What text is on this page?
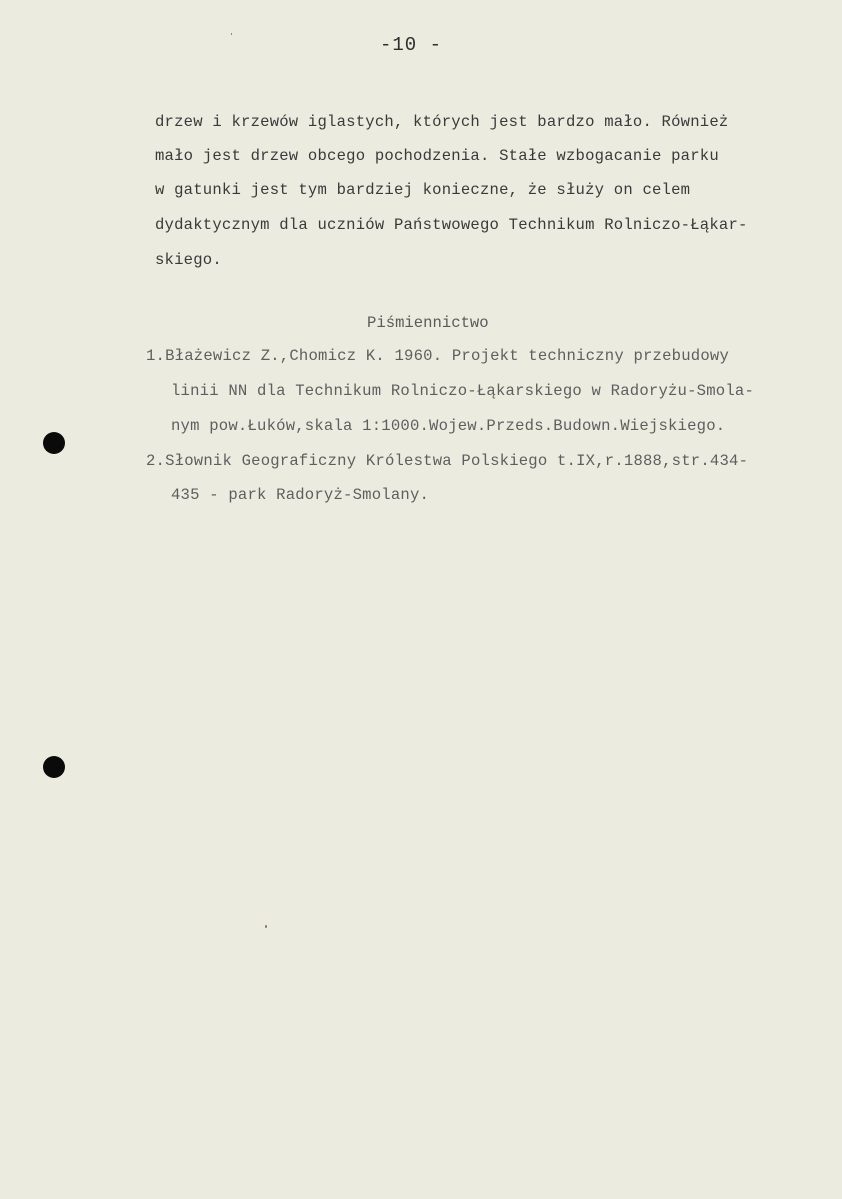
-10 -
drzew i krzewów iglastych, których jest bardzo mało. Również
mało jest drzew obcego pochodzenia. Stałe wzbogacanie parku
w gatunki jest tym bardziej konieczne, że służy on celem
dydaktycznym dla uczniów Państwowego Technikum Rolniczo-Łąkar-
skiego.
Piśmiennictwo
1.Błażewicz Z.,Chomicz K. 1960. Projekt techniczny przebudowy
linii NN dla Technikum Rolniczo-Łąkarskiego w Radoryżu-Smola-
nym pow.Łuków,skala 1:1000.Wojew.Przeds.Budown.Wiejskiego.
2.Słownik Geograficzny Królestwa Polskiego t.IX,r.1888,str.434-
435 - park Radoryż-Smolany.
